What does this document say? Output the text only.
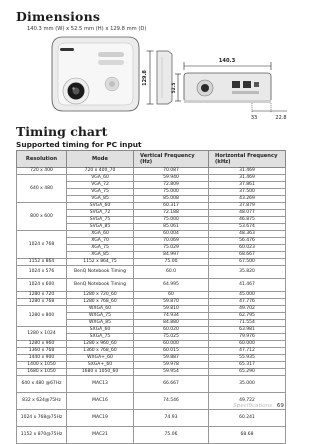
Dimensions
140.3 mm (W) x 52.5 mm (H) x 129.8 mm (D)
129.8
140.3
52.5
33	22.8
Timing chart
Supported timing for PC input
Resolution	Mode	Vertical Frequency (Hz)	Horizontal Frequency (kHz)
720 x 400	720 x 400_70	70.087	31.469
640 x 480	VGA_60	59.940	31.469
	VGA_72	72.809	37.861
	VGA_75	75.000	37.500
	VGA_85	85.008	43.269
800 x 600	SVGA_60	60.317	37.879
	SVGA_72	72.188	48.077
	SVGA_75	75.000	46.875
	SVGA_85	85.061	53.674
1024 x 768	XGA_60	60.004	48.363
	XGA_70	70.069	56.476
	XGA_75	75.029	60.023
	XGA_85	84.997	68.667
1152 x 864	1152 x 864_75	75.00	67.500
1024 x 576	BenQ Notebook Timing	60.0	35.820
1024 x 600	BenQ Notebook Timing	64.995	41.467
1280 x 720	1280 x 720_60	60	45.000
1280 x 768	1280 x 768_60	59.870	47.776
1280 x 800	WXGA_60	59.810	49.702
	WXGA_75	74.934	62.795
	WXGA_85	84.880	71.554
1280 x 1024	SXGA_60	60.020	63.981
	SXGA_75	75.025	79.976
1280 x 960	1280 x 960_60	60.000	60.000
1360 x 768	1360 x 768_60	60.015	47.712
1440 x 900	WXGA+_60	59.887	55.935
1400 x 1050	SXGA+_60	59.978	65.317
1680 x 1050	1680 x 1050_60	59.954	65.290
640 x 480 @67Hz	MAC13	66.667	35.000
832 x 624@75Hz	MAC16	74.546	49.722
1024 x 768@75Hz	MAC19	74.93	60.241
1152 x 870@75Hz	MAC21	75.06	68.68
Specifications 69
